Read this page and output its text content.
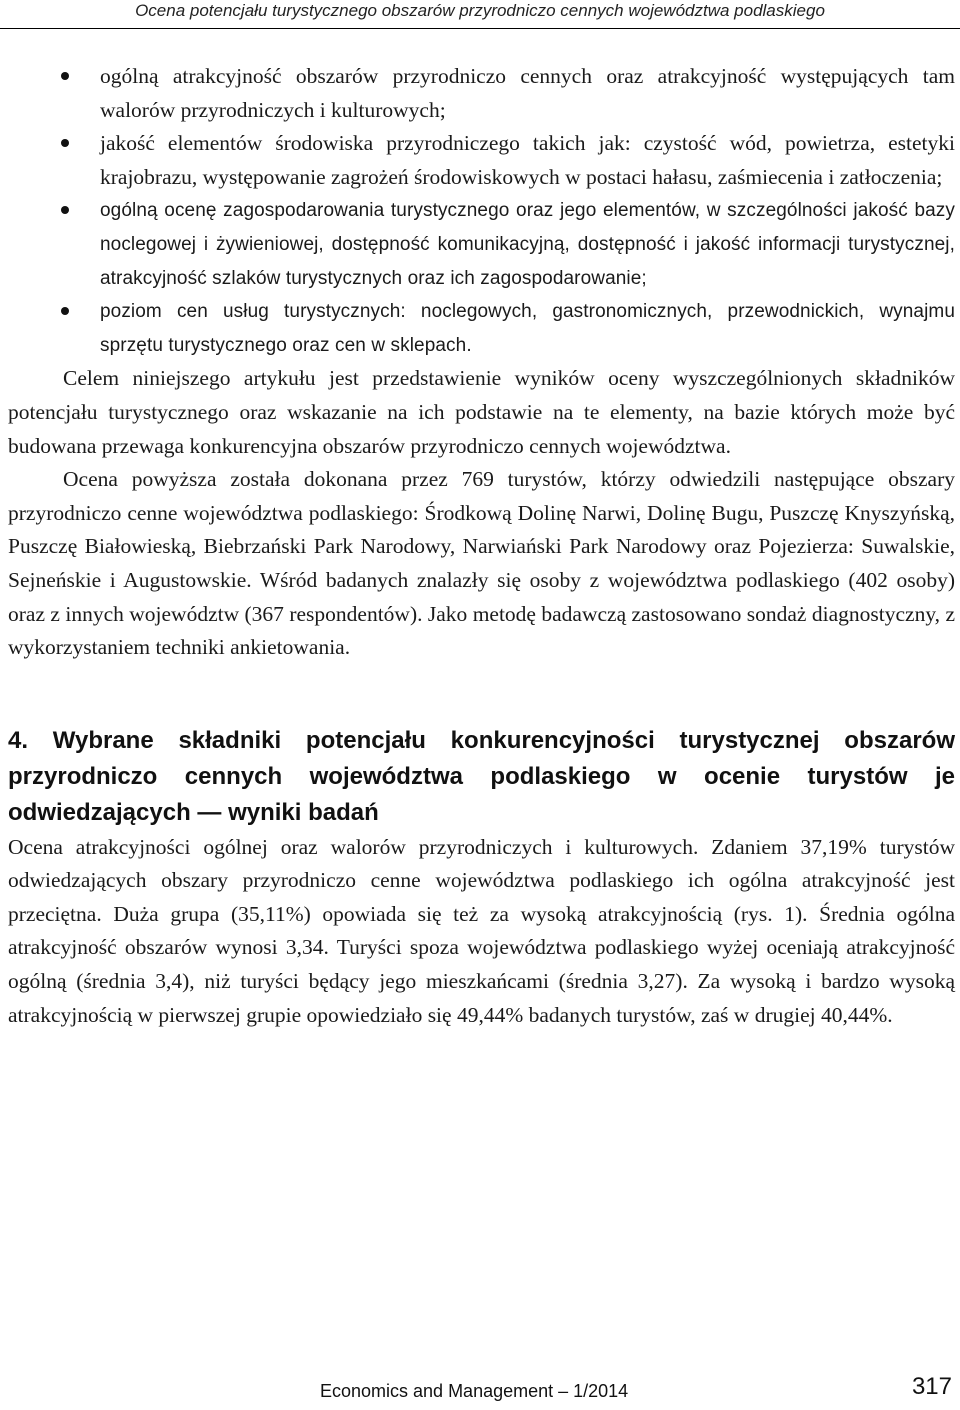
Ocena potencjału turystycznego obszarów przyrodniczo cennych województwa podlaskiego
ogólną atrakcyjność obszarów przyrodniczo cennych oraz atrakcyjność występujących tam walorów przyrodniczych i kulturowych;
jakość elementów środowiska przyrodniczego takich jak: czystość wód, powietrza, estetyki krajobrazu, występowanie zagrożeń środowiskowych w postaci hałasu, zaśmiecenia i zatłoczenia;
ogólną ocenę zagospodarowania turystycznego oraz jego elementów, w szczególności jakość bazy noclegowej i żywieniowej, dostępność komunikacyjną, dostępność i jakość informacji turystycznej, atrakcyjność szlaków turystycznych oraz ich zagospodarowanie;
poziom cen usług turystycznych: noclegowych, gastronomicznych, przewodnickich, wynajmu sprzętu turystycznego oraz cen w sklepach.

Celem niniejszego artykułu jest przedstawienie wyników oceny wyszczególnionych składników potencjału turystycznego oraz wskazanie na ich podstawie na te elementy, na bazie których może być budowana przewaga konkurencyjna obszarów przyrodniczo cennych województwa.

Ocena powyższa została dokonana przez 769 turystów, którzy odwiedzili następujące obszary przyrodniczo cenne województwa podlaskiego: Środkową Dolinę Narwi, Dolinę Bugu, Puszczę Knyszyńską, Puszczę Białowieską, Biebrzański Park Narodowy, Narwiański Park Narodowy oraz Pojezierza: Suwalskie, Sejneńskie i Augustowskie. Wśród badanych znalazły się osoby z województwa podlaskiego (402 osoby) oraz z innych województw (367 respondentów). Jako metodę badawczą zastosowano sondaż diagnostyczny, z wykorzystaniem techniki ankietowania.

4. Wybrane składniki potencjału konkurencyjności turystycznej obszarów przyrodniczo cennych województwa podlaskiego w ocenie turystów je odwiedzających — wyniki badań

Ocena atrakcyjności ogólnej oraz walorów przyrodniczych i kulturowych. Zdaniem 37,19% turystów odwiedzających obszary przyrodniczo cenne województwa podlaskiego ich ogólna atrakcyjność jest przeciętna. Duża grupa (35,11%) opowiada się też za wysoką atrakcyjnością (rys. 1). Średnia ogólna atrakcyjność obszarów wynosi 3,34. Turyści spoza województwa podlaskiego wyżej oceniają atrakcyjność ogólną (średnia 3,4), niż turyści będący jego mieszkańcami (średnia 3,27). Za wysoką i bardzo wysoką atrakcyjnością w pierwszej grupie opowiedziało się 49,44% badanych turystów, zaś w drugiej 40,44%.

Economics and Management – 1/2014	317
